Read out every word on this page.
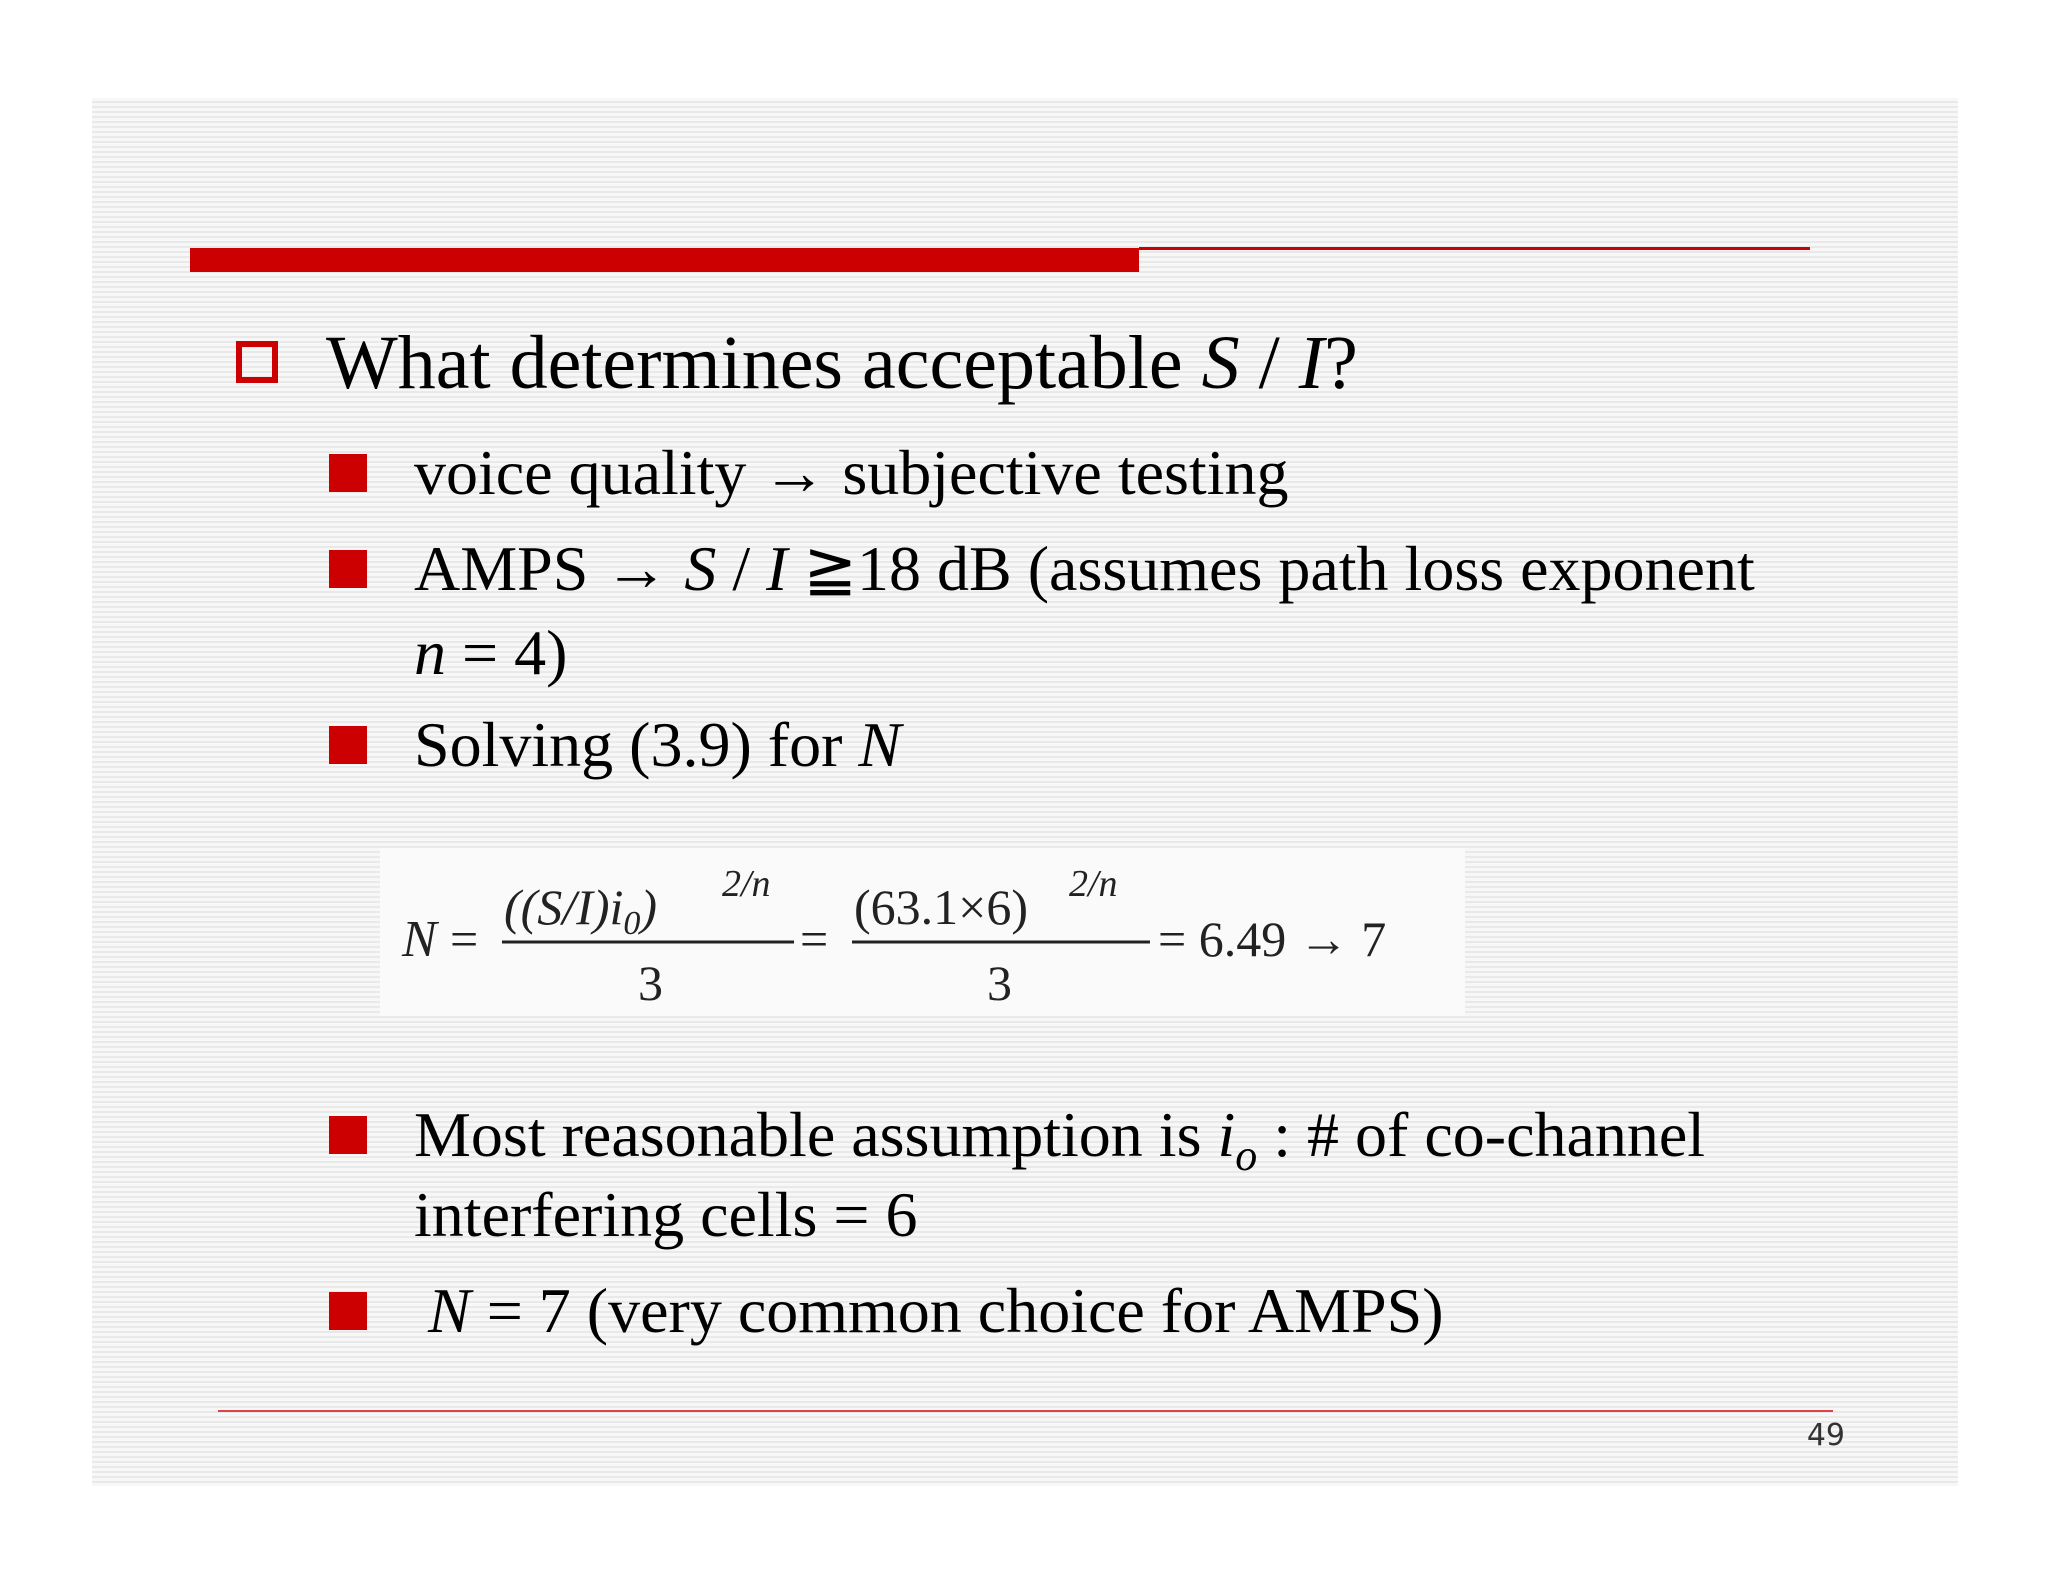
What determines acceptable S / I?
voice quality → subjective testing
AMPS → S / I ≧18 dB (assumes path loss exponent
n = 4)
Solving (3.9) for N
N =
$((S/I)i_0)$ 2/n
3
=
(63.1×6) 2/n
3
= 6.49 → 7
Most reasonable assumption is $i_o$ : # of co-channel
interfering cells = 6
N = 7 (very common choice for AMPS)
49
